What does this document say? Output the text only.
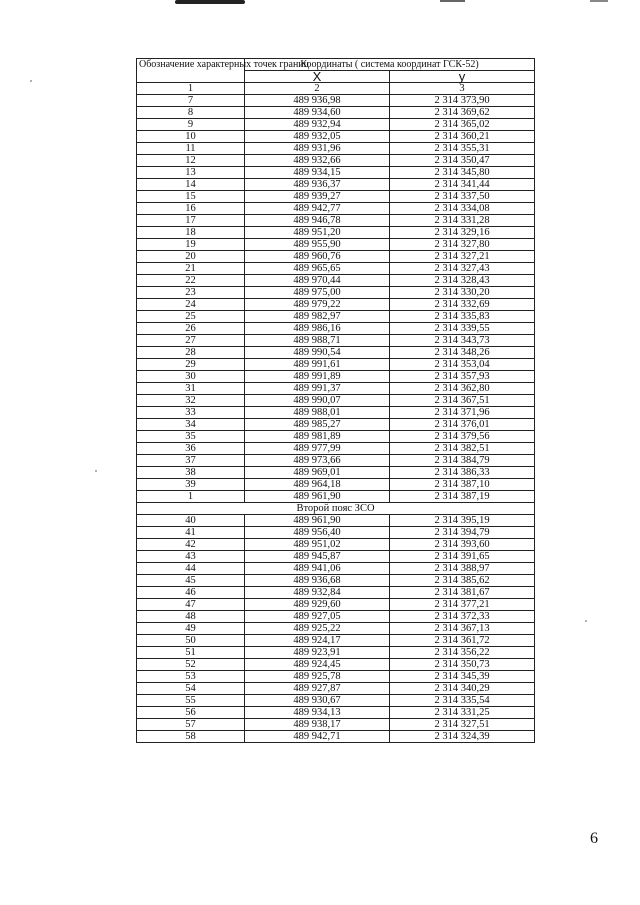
Обозначение характерных точек границ	Координаты ( система координат ГСК-52)	
	X	у
1	2	3
7	489 936,98	2 314 373,90
8	489 934,60	2 314 369,62
9	489 932,94	2 314 365,02
10	489 932,05	2 314 360,21
11	489 931,96	2 314 355,31
12	489 932,66	2 314 350,47
13	489 934,15	2 314 345,80
14	489 936,37	2 314 341,44
15	489 939,27	2 314 337,50
16	489 942,77	2 314 334,08
17	489 946,78	2 314 331,28
18	489 951,20	2 314 329,16
19	489 955,90	2 314 327,80
20	489 960,76	2 314 327,21
21	489 965,65	2 314 327,43
22	489 970,44	2 314 328,43
23	489 975,00	2 314 330,20
24	489 979,22	2 314 332,69
25	489 982,97	2 314 335,83
26	489 986,16	2 314 339,55
27	489 988,71	2 314 343,73
28	489 990,54	2 314 348,26
29	489 991,61	2 314 353,04
30	489 991,89	2 314 357,93
31	489 991,37	2 314 362,80
32	489 990,07	2 314 367,51
33	489 988,01	2 314 371,96
34	489 985,27	2 314 376,01
35	489 981,89	2 314 379,56
36	489 977,99	2 314 382,51
37	489 973,66	2 314 384,79
38	489 969,01	2 314 386,33
39	489 964,18	2 314 387,10
1	489 961,90	2 314 387,19
Второй пояс ЗСО		
40	489 961,90	2 314 395,19
41	489 956,40	2 314 394,79
42	489 951,02	2 314 393,60
43	489 945,87	2 314 391,65
44	489 941,06	2 314 388,97
45	489 936,68	2 314 385,62
46	489 932,84	2 314 381,67
47	489 929,60	2 314 377,21
48	489 927,05	2 314 372,33
49	489 925,22	2 314 367,13
50	489 924,17	2 314 361,72
51	489 923,91	2 314 356,22
52	489 924,45	2 314 350,73
53	489 925,78	2 314 345,39
54	489 927,87	2 314 340,29
55	489 930,67	2 314 335,54
56	489 934,13	2 314 331,25
57	489 938,17	2 314 327,51
58	489 942,71	2 314 324,39
6
